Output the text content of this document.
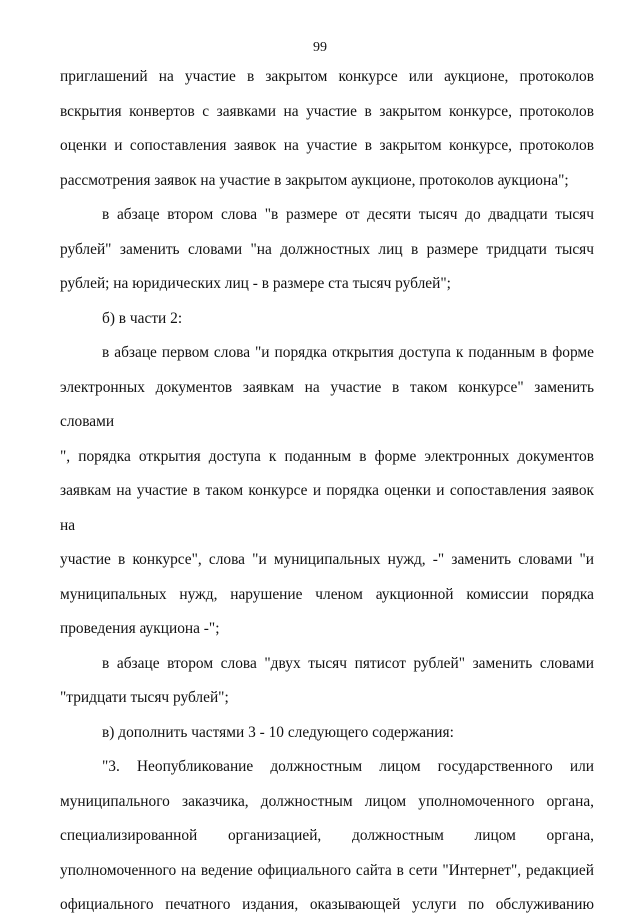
99
приглашений на участие в закрытом конкурсе или аукционе, протоколов
вскрытия конвертов с заявками на участие в закрытом конкурсе, протоколов
оценки и сопоставления заявок на участие в закрытом конкурсе, протоколов
рассмотрения заявок на участие в закрытом аукционе, протоколов аукциона";
в абзаце втором слова "в размере от десяти тысяч до двадцати тысяч
рублей" заменить словами "на должностных лиц в размере тридцати тысяч
рублей; на юридических лиц - в размере ста тысяч рублей";
б) в части 2:
в абзаце первом слова "и порядка открытия доступа к поданным в форме
электронных документов заявкам на участие в таком конкурсе" заменить словами
", порядка открытия доступа к поданным в форме электронных документов
заявкам на участие в таком конкурсе и порядка оценки и сопоставления заявок на
участие в конкурсе", слова "и муниципальных нужд, -" заменить словами "и
муниципальных нужд, нарушение членом аукционной комиссии порядка
проведения аукциона -";
в абзаце втором слова "двух тысяч пятисот рублей" заменить словами
"тридцати тысяч рублей";
в) дополнить частями 3 - 10 следующего содержания:
"3. Неопубликование должностным лицом государственного или
муниципального заказчика, должностным лицом уполномоченного органа,
специализированной организацией, должностным лицом органа,
уполномоченного на ведение официального сайта в сети "Интернет", редакцией
официального печатного издания, оказывающей услуги по обслуживанию
